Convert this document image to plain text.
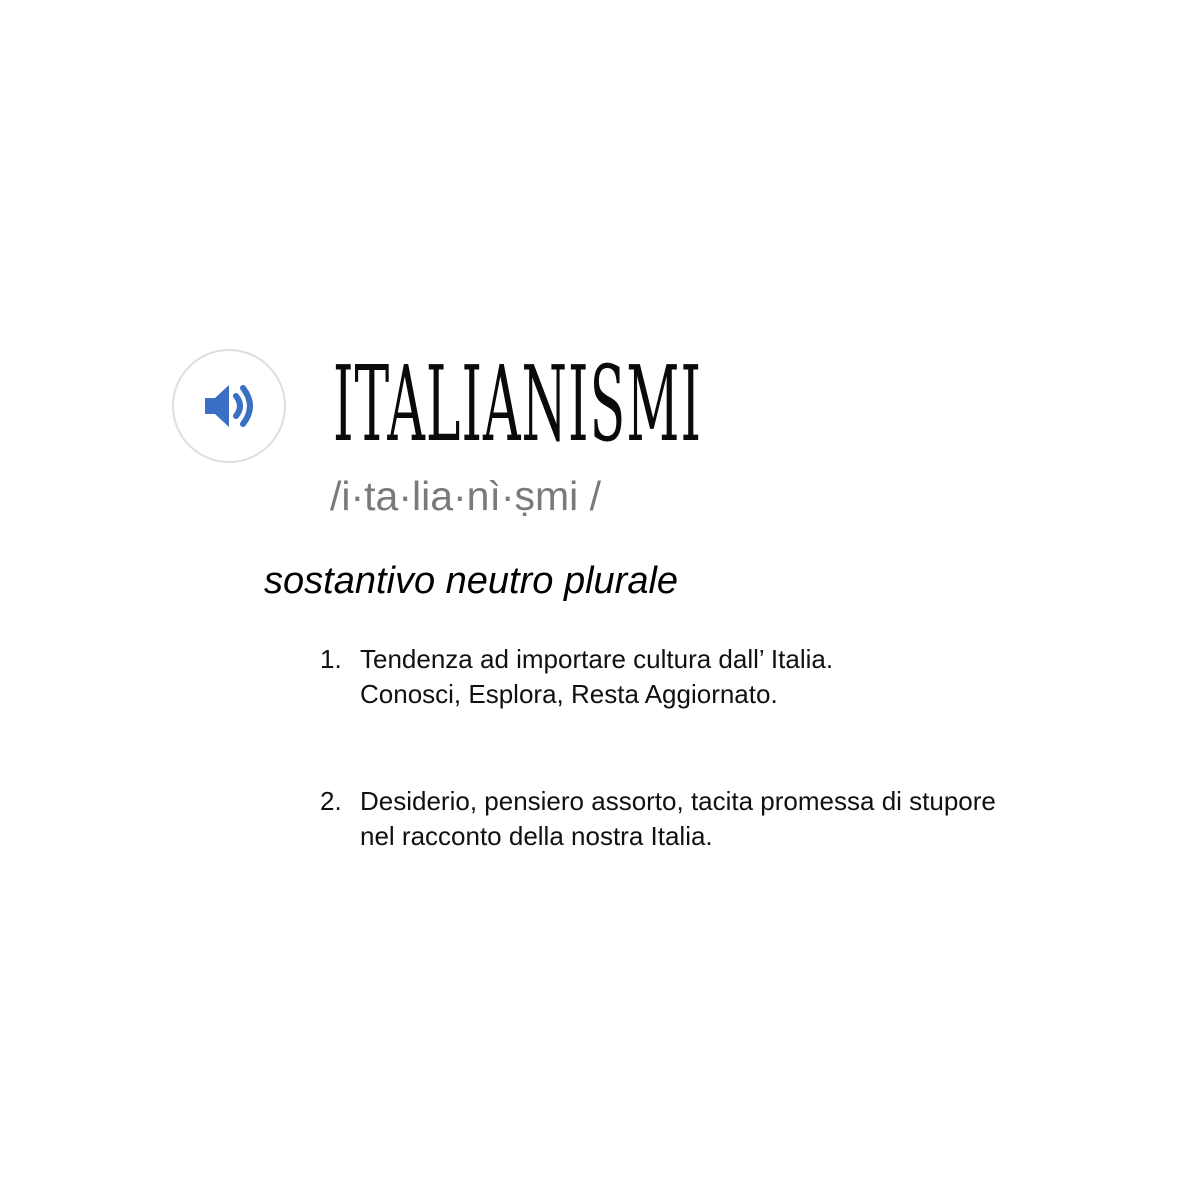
ITALIANISMI
/i·ta·lia·nì·ṣmi /
sostantivo neutro plurale
1. Tendenza ad importare cultura dall’ Italia.
Conosci, Esplora, Resta Aggiornato.
2. Desiderio, pensiero assorto, tacita promessa di stupore
nel racconto della nostra Italia.
